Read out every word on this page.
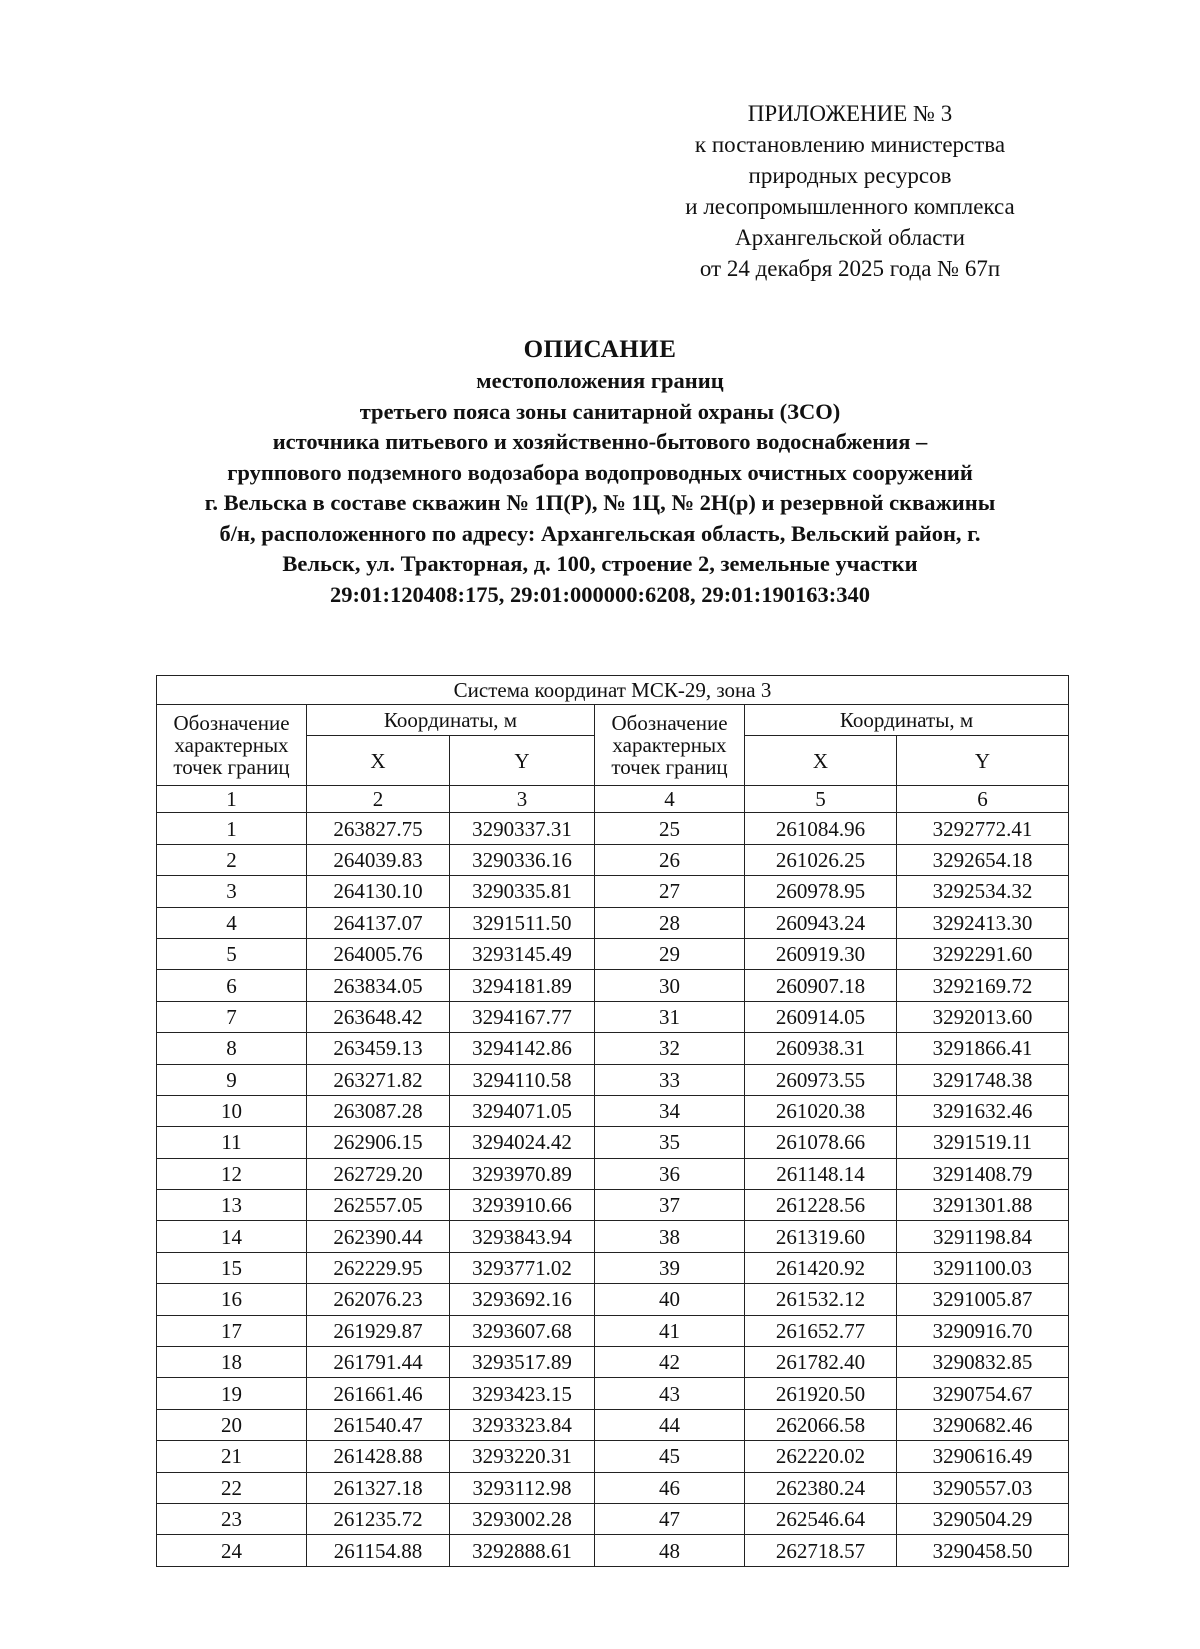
ПРИЛОЖЕНИЕ № 3
к постановлению министерства
природных ресурсов
и лесопромышленного комплекса
Архангельской области
от 24 декабря 2025 года № 67п
ОПИСАНИЕ
местоположения границ
третьего пояса зоны санитарной охраны (ЗСО)
источника питьевого и хозяйственно-бытового водоснабжения –
группового подземного водозабора водопроводных очистных сооружений
г. Вельска в составе скважин № 1П(Р), № 1Ц, № 2Н(р) и резервной скважины
б/н, расположенного по адресу: Архангельская область, Вельский район, г.
Вельск, ул. Тракторная, д. 100, строение 2, земельные участки
29:01:120408:175, 29:01:000000:6208, 29:01:190163:340
Система координат МСК-29, зона 3					
Обозначение характерных точек границ	Координаты, м		Обозначение характерных точек границ	Координаты, м	
	X	Y		X	Y
1	2	3	4	5	6
1	263827.75	3290337.31	25	261084.96	3292772.41
2	264039.83	3290336.16	26	261026.25	3292654.18
3	264130.10	3290335.81	27	260978.95	3292534.32
4	264137.07	3291511.50	28	260943.24	3292413.30
5	264005.76	3293145.49	29	260919.30	3292291.60
6	263834.05	3294181.89	30	260907.18	3292169.72
7	263648.42	3294167.77	31	260914.05	3292013.60
8	263459.13	3294142.86	32	260938.31	3291866.41
9	263271.82	3294110.58	33	260973.55	3291748.38
10	263087.28	3294071.05	34	261020.38	3291632.46
11	262906.15	3294024.42	35	261078.66	3291519.11
12	262729.20	3293970.89	36	261148.14	3291408.79
13	262557.05	3293910.66	37	261228.56	3291301.88
14	262390.44	3293843.94	38	261319.60	3291198.84
15	262229.95	3293771.02	39	261420.92	3291100.03
16	262076.23	3293692.16	40	261532.12	3291005.87
17	261929.87	3293607.68	41	261652.77	3290916.70
18	261791.44	3293517.89	42	261782.40	3290832.85
19	261661.46	3293423.15	43	261920.50	3290754.67
20	261540.47	3293323.84	44	262066.58	3290682.46
21	261428.88	3293220.31	45	262220.02	3290616.49
22	261327.18	3293112.98	46	262380.24	3290557.03
23	261235.72	3293002.28	47	262546.64	3290504.29
24	261154.88	3292888.61	48	262718.57	3290458.50
